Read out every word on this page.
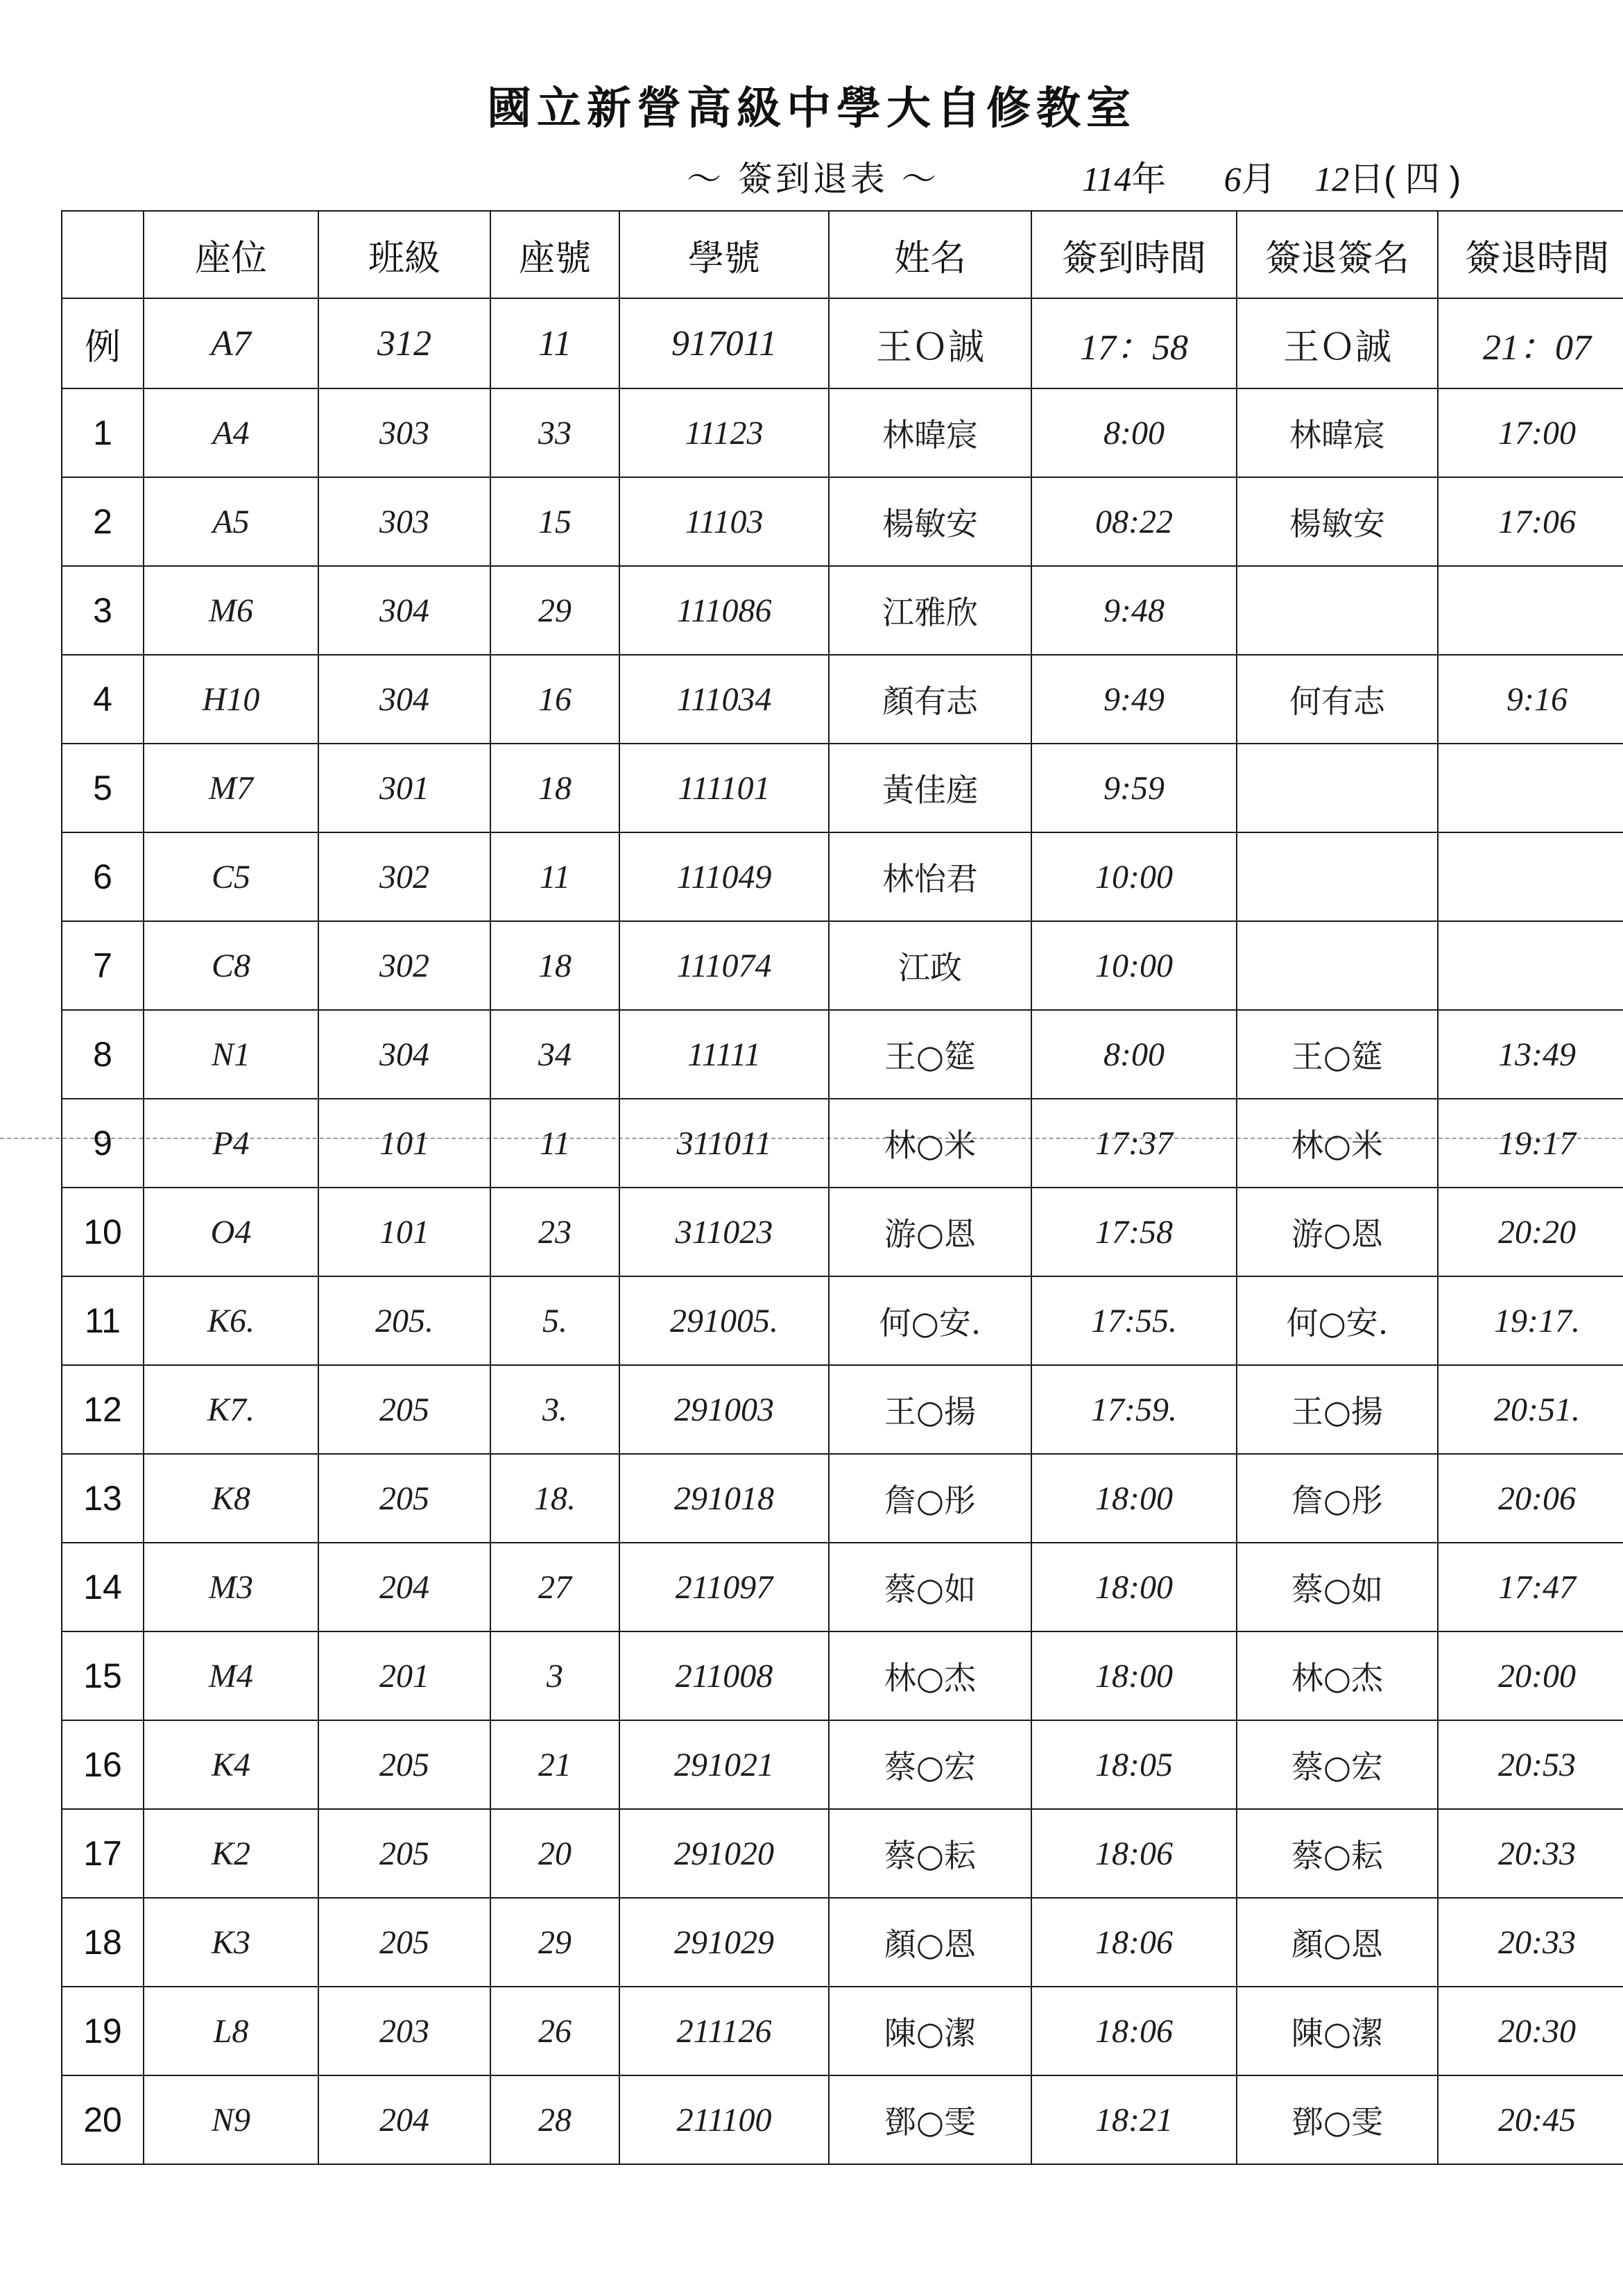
國立新營高級中學大自修教室
～ 簽到退表 ～	114年 6月 12日( 四 )
	座位	班級	座號	學號	姓名	簽到時間	簽退簽名	簽退時間
例	A7	312	11	917011	王Ｏ誠	17：58	王Ｏ誠	21：07
1	A4	303	33	11123	林暐宸	8:00	林暐宸	17:00
2	A5	303	15	11103	楊敏安	08:22	楊敏安	17:06
3	M6	304	29	111086	江雅欣	9:48		
4	H10	304	16	111034	顏有志	9:49	何有志	9:16
5	M7	301	18	111101	黃佳庭	9:59		
6	C5	302	11	111049	林怡君	10:00		
7	C8	302	18	111074	江政	10:00		
8	N1	304	34	11111	王○筵	8:00	王○筵	13:49
9	P4	101	11	311011	林○米	17:37	林○米	19:17
10	O4	101	23	311023	游○恩	17:58	游○恩	20:20
11	K6.	205.	5.	291005.	何○安.	17:55.	何○安.	19:17.
12	K7.	205	3.	291003	王○揚	17:59.	王○揚	20:51.
13	K8	205	18.	291018	詹○彤	18:00	詹○彤	20:06
14	M3	204	27	211097	蔡○如	18:00	蔡○如	17:47
15	M4	201	3	211008	林○杰	18:00	林○杰	20:00
16	K4	205	21	291021	蔡○宏	18:05	蔡○宏	20:53
17	K2	205	20	291020	蔡○耘	18:06	蔡○耘	20:33
18	K3	205	29	291029	顏○恩	18:06	顏○恩	20:33
19	L8	203	26	211126	陳○潔	18:06	陳○潔	20:30
20	N9	204	28	211100	鄧○雯	18:21	鄧○雯	20:45
